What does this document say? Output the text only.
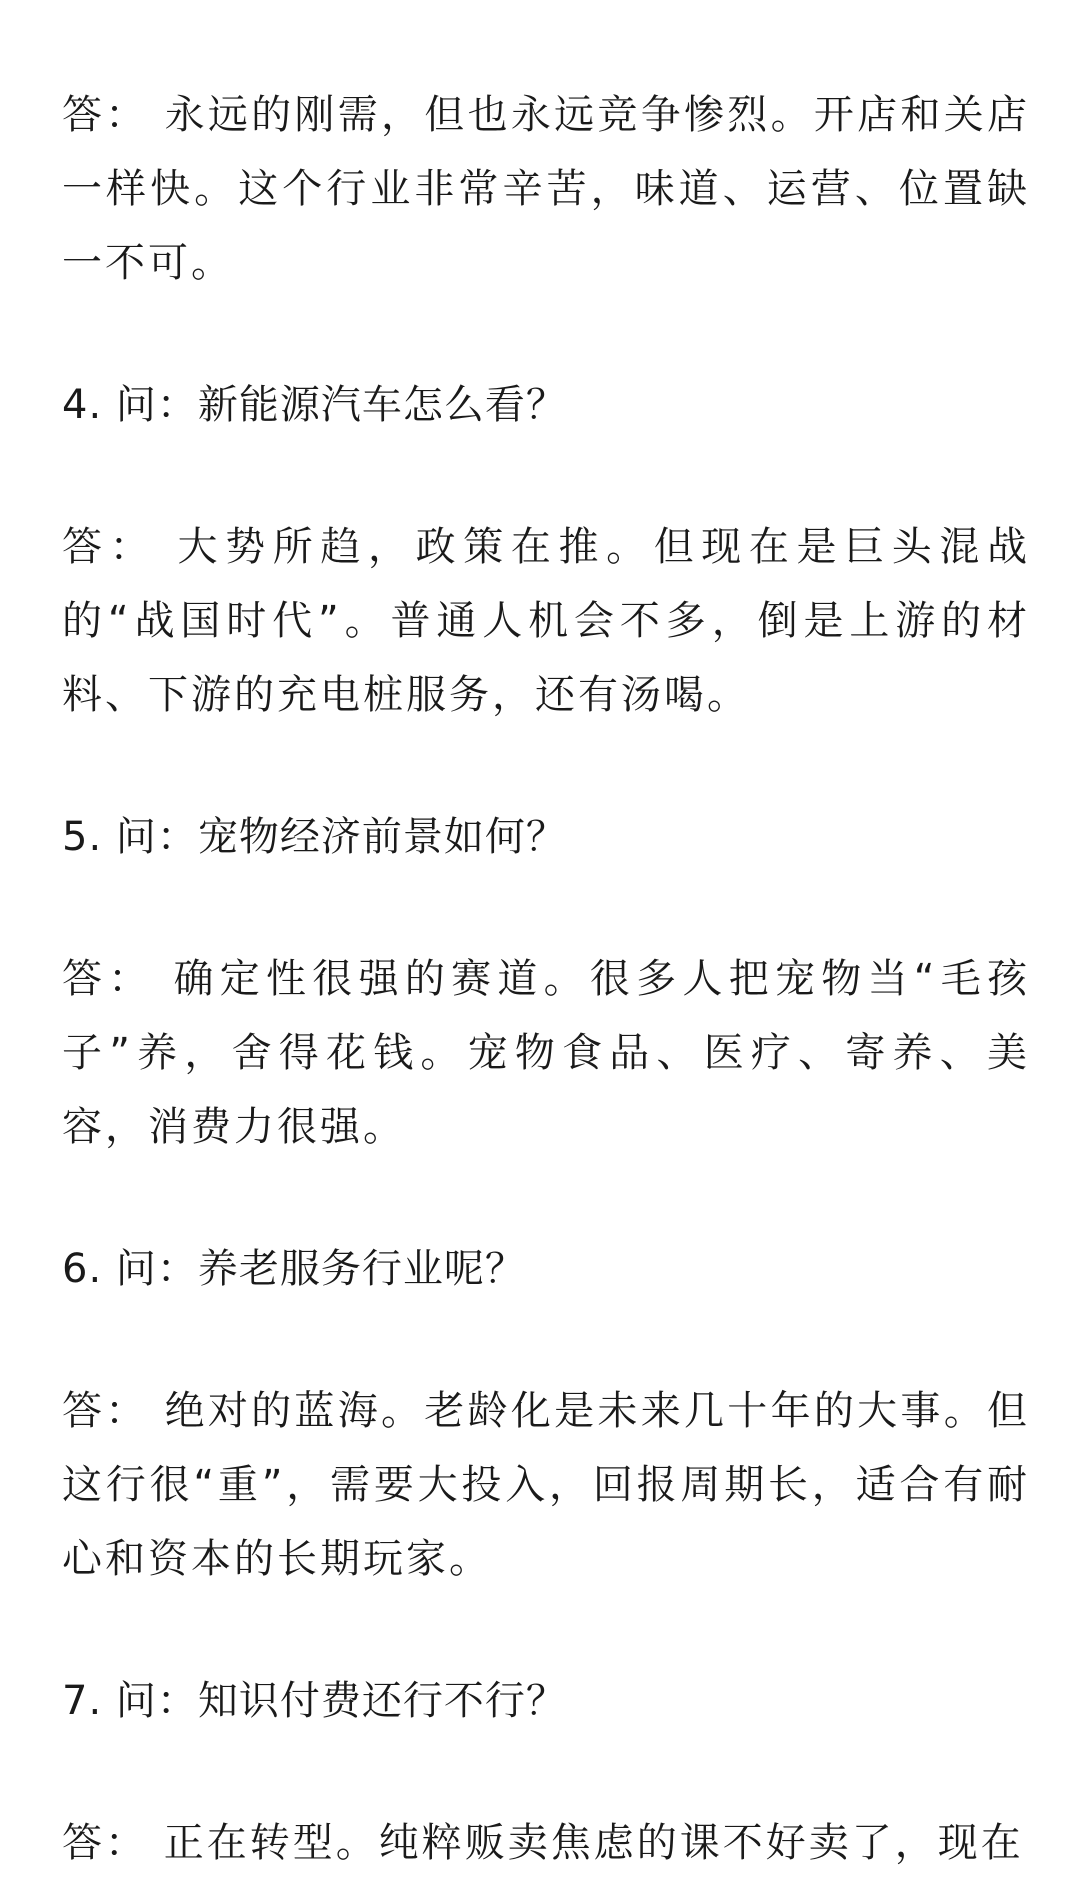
答： 永远的刚需，但也永远竞争惨烈。开店和关店一样快。这个行业非常辛苦，味道、运营、位置缺一不可。

4. 问：新能源汽车怎么看？

答： 大势所趋，政策在推。但现在是巨头混战的“战国时代”。普通人机会不多，倒是上游的材料、下游的充电桩服务，还有汤喝。

5. 问：宠物经济前景如何？

答： 确定性很强的赛道。很多人把宠物当“毛孩子”养，舍得花钱。宠物食品、医疗、寄养、美容，消费力很强。

6. 问：养老服务行业呢？

答： 绝对的蓝海。老龄化是未来几十年的大事。但这行很“重”，需要大投入，回报周期长，适合有耐心和资本的长期玩家。

7. 问：知识付费还行不行？

答： 正在转型。纯粹贩卖焦虑的课不好卖了，现在
